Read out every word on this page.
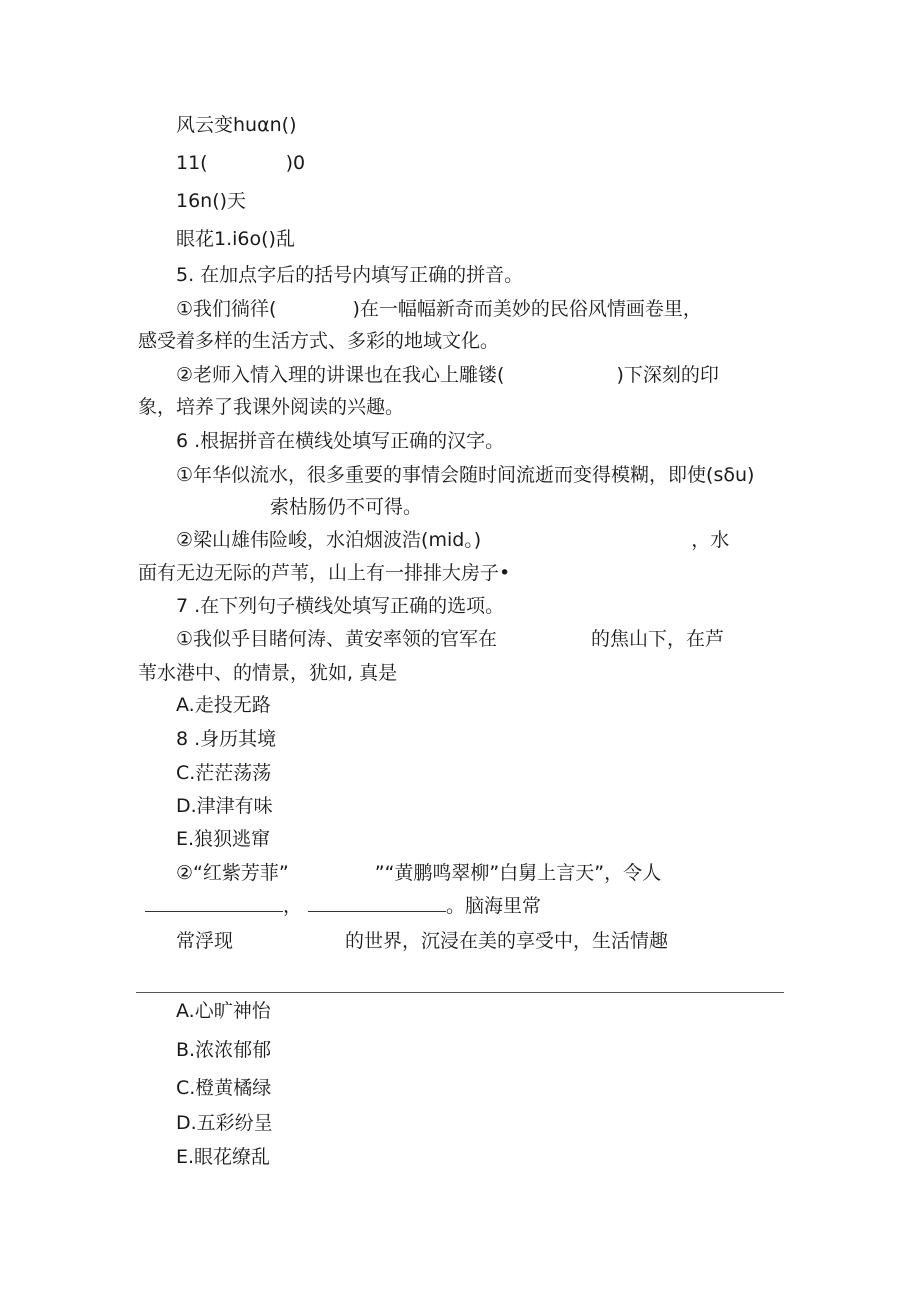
风云变huαn()
11(	)0
16n()天
眼花1.i6o()乱
5. 在加点字后的括号内填写正确的拼音。
①我们徜徉(	)在一幅幅新奇而美妙的民俗风情画卷里，
感受着多样的生活方式、多彩的地域文化。
②老师入情入理的讲课也在我心上雕镂(	)下深刻的印
象，培养了我课外阅读的兴趣。
6 .根据拼音在横线处填写正确的汉字。
①年华似流水，很多重要的事情会随时间流逝而变得模糊，即使(sδu)
索枯肠仍不可得。
②梁山雄伟险峻，水泊烟波浩(mid。)	，水
面有无边无际的芦苇，山上有一排排大房子•
7 .在下列句子横线处填写正确的选项。
①我似乎目睹何涛、黄安率领的官军在	的焦山下，在芦
苇水港中、的情景，犹如, 真是
A.走投无路
8 .身历其境
C.茫茫荡荡
D.津津有味
E.狼狈逃窜
②“红紫芳菲”	”“黄鹏鸣翠柳”白舅上言天”，令人
，	。脑海里常
常浮现	的世界，沉浸在美的享受中，生活情趣
A.心旷神怡
B.浓浓郁郁
C.橙黄橘绿
D.五彩纷呈
E.眼花缭乱
